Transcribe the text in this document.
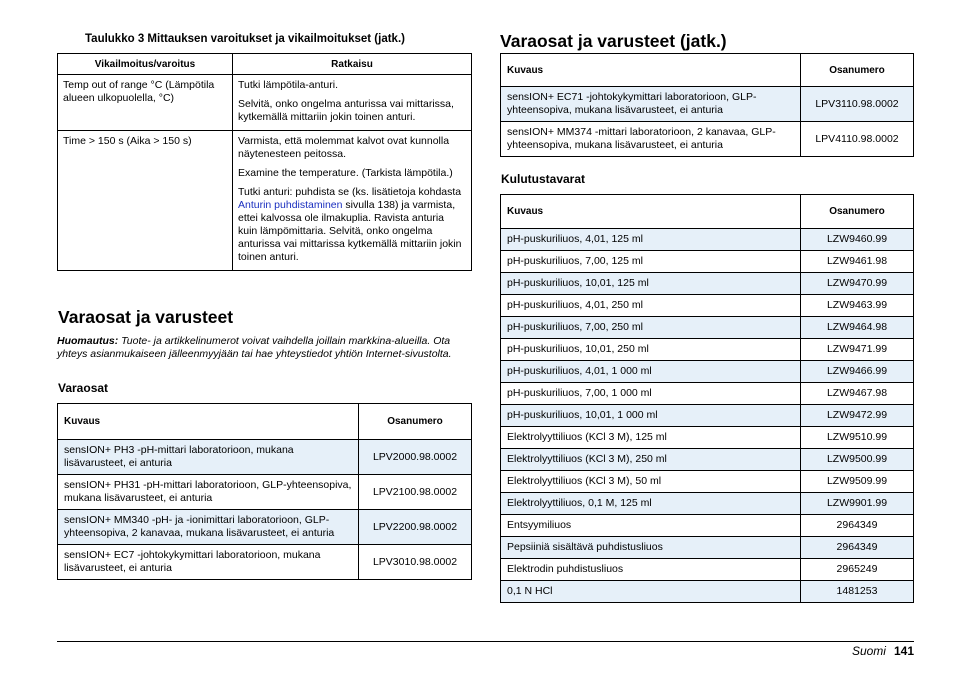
Taulukko 3 Mittauksen varoitukset ja vikailmoitukset (jatk.)
Vikailmoitus/varoitus	Ratkaisu
Temp out of range °C (Lämpötila alueen ulkopuolella, °C)	Tutki lämpötila-anturi.

Selvitä, onko ongelma anturissa vai mittarissa, kytkemällä mittariin jokin toinen anturi.

Time > 150 s (Aika > 150 s)	Varmista, että molemmat kalvot ovat kunnolla näytenesteen peitossa.

Examine the temperature. (Tarkista lämpötila.)

Tutki anturi: puhdista se (ks. lisätietoja kohdasta Anturin puhdistaminen sivulla 138) ja varmista, ettei kalvossa ole ilmakuplia. Ravista anturia kuin lämpömittaria. Selvitä, onko ongelma anturissa vai mittarissa kytkemällä mittariin jokin toinen anturi.

Varaosat ja varusteet
Huomautus: Tuote- ja artikkelinumerot voivat vaihdella joillain markkina-alueilla. Ota yhteys asianmukaiseen jälleenmyyjään tai hae yhteystiedot yhtiön Internet-sivustolta.
Varaosat
Kuvaus	Osanumero
sensION+ PH3 -pH-mittari laboratorioon, mukana lisävarusteet, ei anturia	LPV2000.98.0002
sensION+ PH31 -pH-mittari laboratorioon, GLP-yhteensopiva, mukana lisävarusteet, ei anturia	LPV2100.98.0002
sensION+ MM340 -pH- ja -ionimittari laboratorioon, GLP-yhteensopiva, 2 kanavaa, mukana lisävarusteet, ei anturia	LPV2200.98.0002
sensION+ EC7 -johtokykymittari laboratorioon, mukana lisävarusteet, ei anturia	LPV3010.98.0002
Varaosat ja varusteet (jatk.)
Kuvaus	Osanumero
sensION+ EC71 -johtokykymittari laboratorioon, GLP-yhteensopiva, mukana lisävarusteet, ei anturia	LPV3110.98.0002
sensION+ MM374 -mittari laboratorioon, 2 kanavaa, GLP-yhteensopiva, mukana lisävarusteet, ei anturia	LPV4110.98.0002
Kulutustavarat
Kuvaus	Osanumero
pH-puskuriliuos, 4,01, 125 ml	LZW9460.99
pH-puskuriliuos, 7,00, 125 ml	LZW9461.98
pH-puskuriliuos, 10,01, 125 ml	LZW9470.99
pH-puskuriliuos, 4,01, 250 ml	LZW9463.99
pH-puskuriliuos, 7,00, 250 ml	LZW9464.98
pH-puskuriliuos, 10,01, 250 ml	LZW9471.99
pH-puskuriliuos, 4,01, 1 000 ml	LZW9466.99
pH-puskuriliuos, 7,00, 1 000 ml	LZW9467.98
pH-puskuriliuos, 10,01, 1 000 ml	LZW9472.99
Elektrolyyttiliuos (KCl 3 M), 125 ml	LZW9510.99
Elektrolyyttiliuos (KCl 3 M), 250 ml	LZW9500.99
Elektrolyyttiliuos (KCl 3 M), 50 ml	LZW9509.99
Elektrolyyttiliuos, 0,1 M, 125 ml	LZW9901.99
Entsyymiliuos	2964349
Pepsiiniä sisältävä puhdistusliuos	2964349
Elektrodin puhdistusliuos	2965249
0,1 N HCl	1481253
Suomi 141
